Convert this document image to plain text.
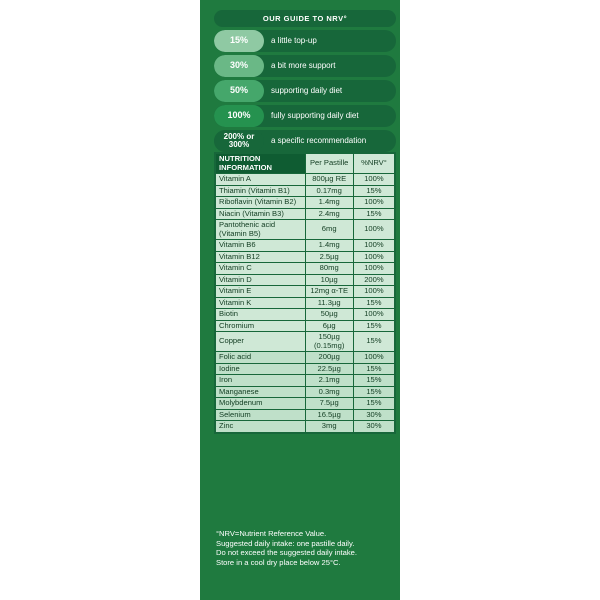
OUR GUIDE TO NRV°
15%	a little top-up
30%	a bit more support
50%	supporting daily diet
100%	fully supporting daily diet
200% or 300%	a specific recommendation
NUTRITION INFORMATION	Per Pastille	%NRV°
Vitamin A	800µg RE	100%
Thiamin (Vitamin B1)	0.17mg	15%
Riboflavin (Vitamin B2)	1.4mg	100%
Niacin (Vitamin B3)	2.4mg	15%
Pantothenic acid (Vitamin B5)	6mg	100%
Vitamin B6	1.4mg	100%
Vitamin B12	2.5µg	100%
Vitamin C	80mg	100%
Vitamin D	10µg	200%
Vitamin E	12mg α-TE	100%
Vitamin K	11.3µg	15%
Biotin	50µg	100%
Chromium	6µg	15%
Copper	150µg (0.15mg)	15%
Folic acid	200µg	100%
Iodine	22.5µg	15%
Iron	2.1mg	15%
Manganese	0.3mg	15%
Molybdenum	7.5µg	15%
Selenium	16.5µg	30%
Zinc	3mg	30%
°NRV=Nutrient Reference Value.
Suggested daily intake: one pastille daily.
Do not exceed the suggested daily intake.
Store in a cool dry place below 25°C.
